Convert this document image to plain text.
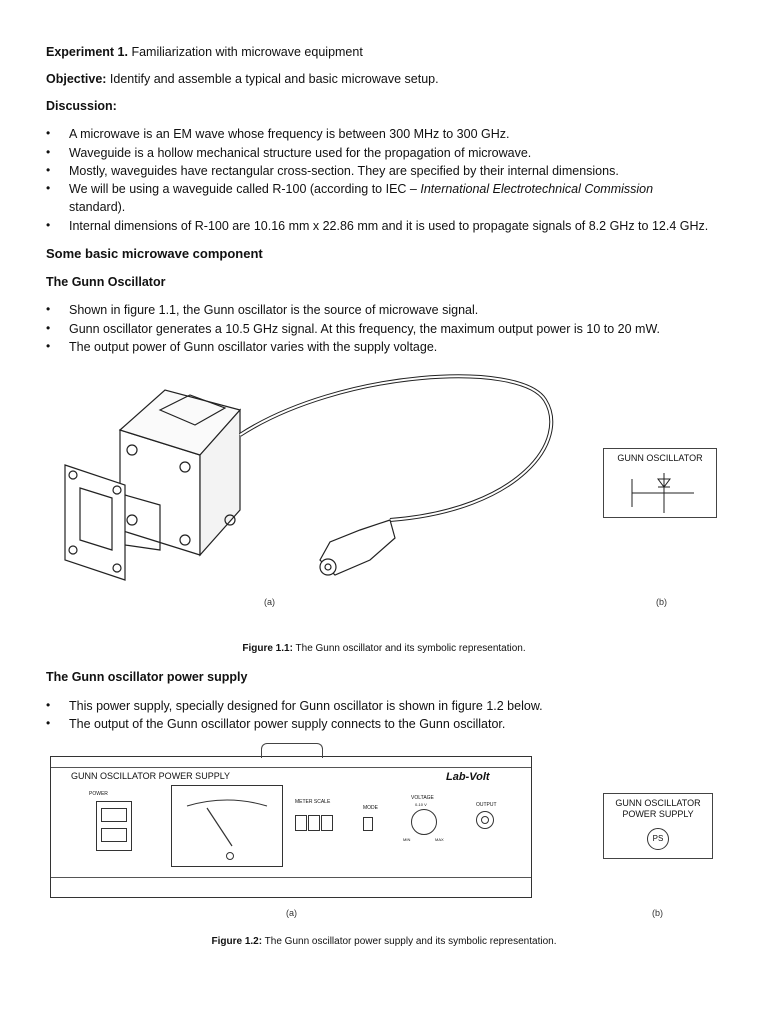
Experiment 1. Familiarization with microwave equipment
Objective: Identify and assemble a typical and basic microwave setup.
Discussion:
• A microwave is an EM wave whose frequency is between 300 MHz to 300 GHz.
• Waveguide is a hollow mechanical structure used for the propagation of microwave.
• Mostly, waveguides have rectangular cross-section. They are specified by their internal dimensions.
• We will be using a waveguide called R-100 (according to IEC – International Electrotechnical Commission
standard).
• Internal dimensions of R-100 are 10.16 mm x 22.86 mm and it is used to propagate signals of 8.2 GHz to 12.4 GHz.
Some basic microwave component
The Gunn Oscillator
• Shown in figure 1.1, the Gunn oscillator is the source of microwave signal.
• Gunn oscillator generates a 10.5 GHz signal. At this frequency, the maximum output power is 10 to 20 mW.
• The output power of Gunn oscillator varies with the supply voltage.
(a)
GUNN OSCILLATOR
(b)
Figure 1.1: The Gunn oscillator and its symbolic representation.
The Gunn oscillator power supply
• This power supply, specially designed for Gunn oscillator is shown in figure 1.2 below.
• The output of the Gunn oscillator power supply connects to the Gunn oscillator.
GUNN OSCILLATOR POWER SUPPLY	Lab-Volt
POWER
METER SCALE
MODE
VOLTAGE
0-10 V
MIN	MAX
OUTPUT
(a)
GUNN OSCILLATOR
POWER SUPPLY
PS
(b)
Figure 1.2: The Gunn oscillator power supply and its symbolic representation.
